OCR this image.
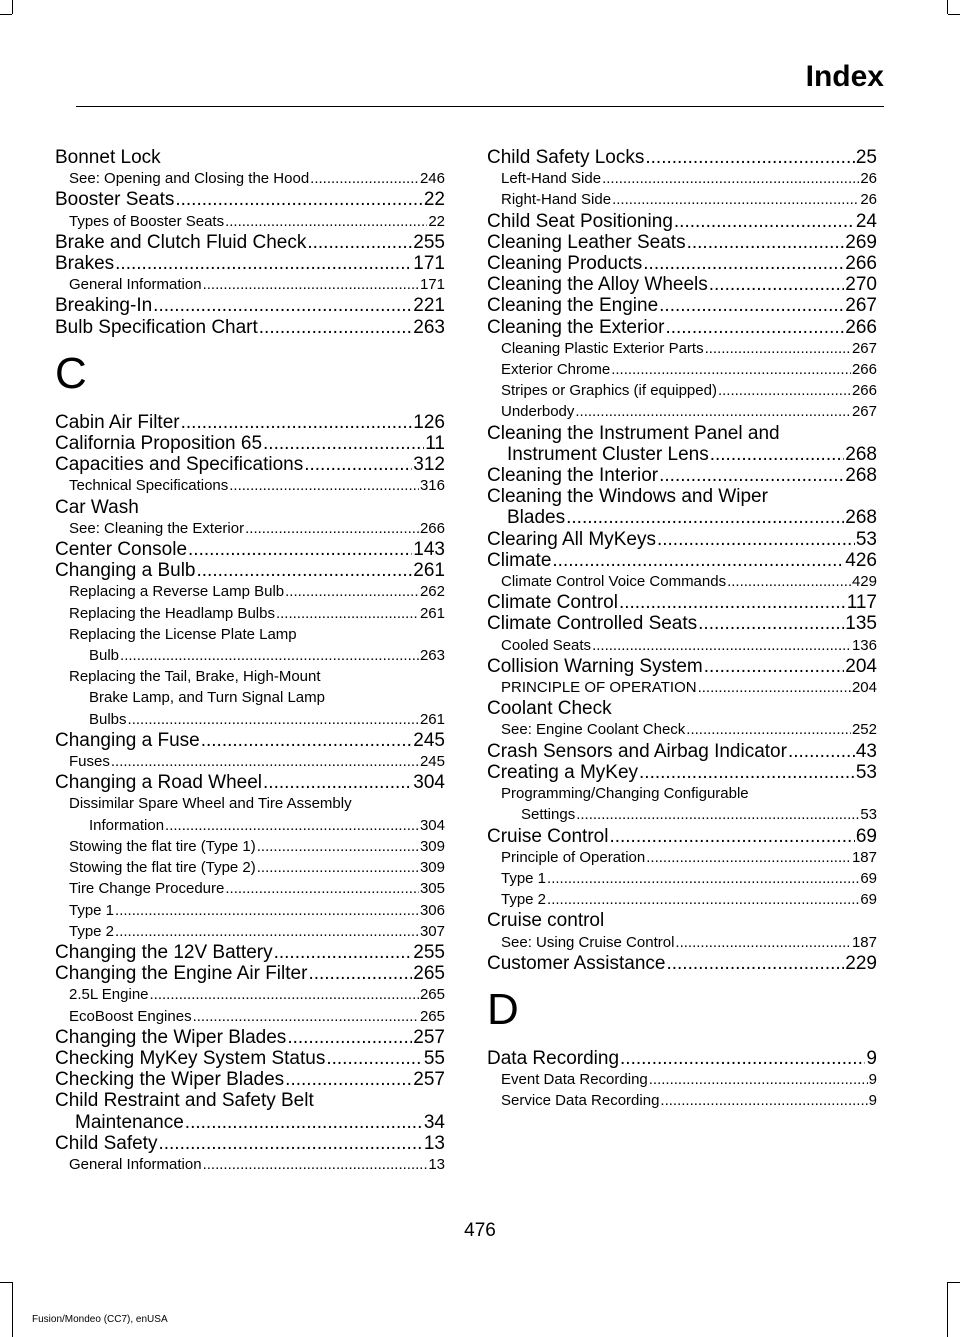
Index
Bonnet Lock
See: Opening and Closing the Hood .....	246
Booster Seats .....	22
Types of Booster Seats .....	22
Brake and Clutch Fluid Check .....	255
Brakes .....	171
General Information .....	171
Breaking-In .....	221
Bulb Specification Chart .....	263
C
Cabin Air Filter .....	126
California Proposition 65 .....	11
Capacities and Specifications .....	312
Technical Specifications .....	316
Car Wash
See: Cleaning the Exterior .....	266
Center Console .....	143
Changing a Bulb .....	261
Replacing a Reverse Lamp Bulb .....	262
Replacing the Headlamp Bulbs .....	261
Replacing the License Plate Lamp
Bulb .....	263
Replacing the Tail, Brake, High-Mount
Brake Lamp, and Turn Signal Lamp
Bulbs .....	261
Changing a Fuse .....	245
Fuses .....	245
Changing a Road Wheel .....	304
Dissimilar Spare Wheel and Tire Assembly
Information .....	304
Stowing the flat tire (Type 1) .....	309
Stowing the flat tire (Type 2) .....	309
Tire Change Procedure .....	305
Type 1 .....	306
Type 2 .....	307
Changing the 12V Battery .....	255
Changing the Engine Air Filter .....	265
2.5L Engine .....	265
EcoBoost Engines .....	265
Changing the Wiper Blades .....	257
Checking MyKey System Status .....	55
Checking the Wiper Blades .....	257
Child Restraint and Safety Belt
Maintenance .....	34
Child Safety .....	13
General Information .....	13
Child Safety Locks .....	25
Left-Hand Side .....	26
Right-Hand Side .....	26
Child Seat Positioning .....	24
Cleaning Leather Seats .....	269
Cleaning Products .....	266
Cleaning the Alloy Wheels .....	270
Cleaning the Engine .....	267
Cleaning the Exterior .....	266
Cleaning Plastic Exterior Parts .....	267
Exterior Chrome .....	266
Stripes or Graphics (if equipped) .....	266
Underbody .....	267
Cleaning the Instrument Panel and
Instrument Cluster Lens .....	268
Cleaning the Interior .....	268
Cleaning the Windows and Wiper
Blades .....	268
Clearing All MyKeys .....	53
Climate .....	426
Climate Control Voice Commands .....	429
Climate Control .....	117
Climate Controlled Seats .....	135
Cooled Seats .....	136
Collision Warning System .....	204
PRINCIPLE OF OPERATION .....	204
Coolant Check
See: Engine Coolant Check .....	252
Crash Sensors and Airbag Indicator .....	43
Creating a MyKey .....	53
Programming/Changing Configurable
Settings .....	53
Cruise Control .....	69
Principle of Operation .....	187
Type 1 .....	69
Type 2 .....	69
Cruise control
See: Using Cruise Control .....	187
Customer Assistance .....	229
D
Data Recording .....	9
Event Data Recording .....	9
Service Data Recording .....	9
476
Fusion/Mondeo (CC7), enUSA
